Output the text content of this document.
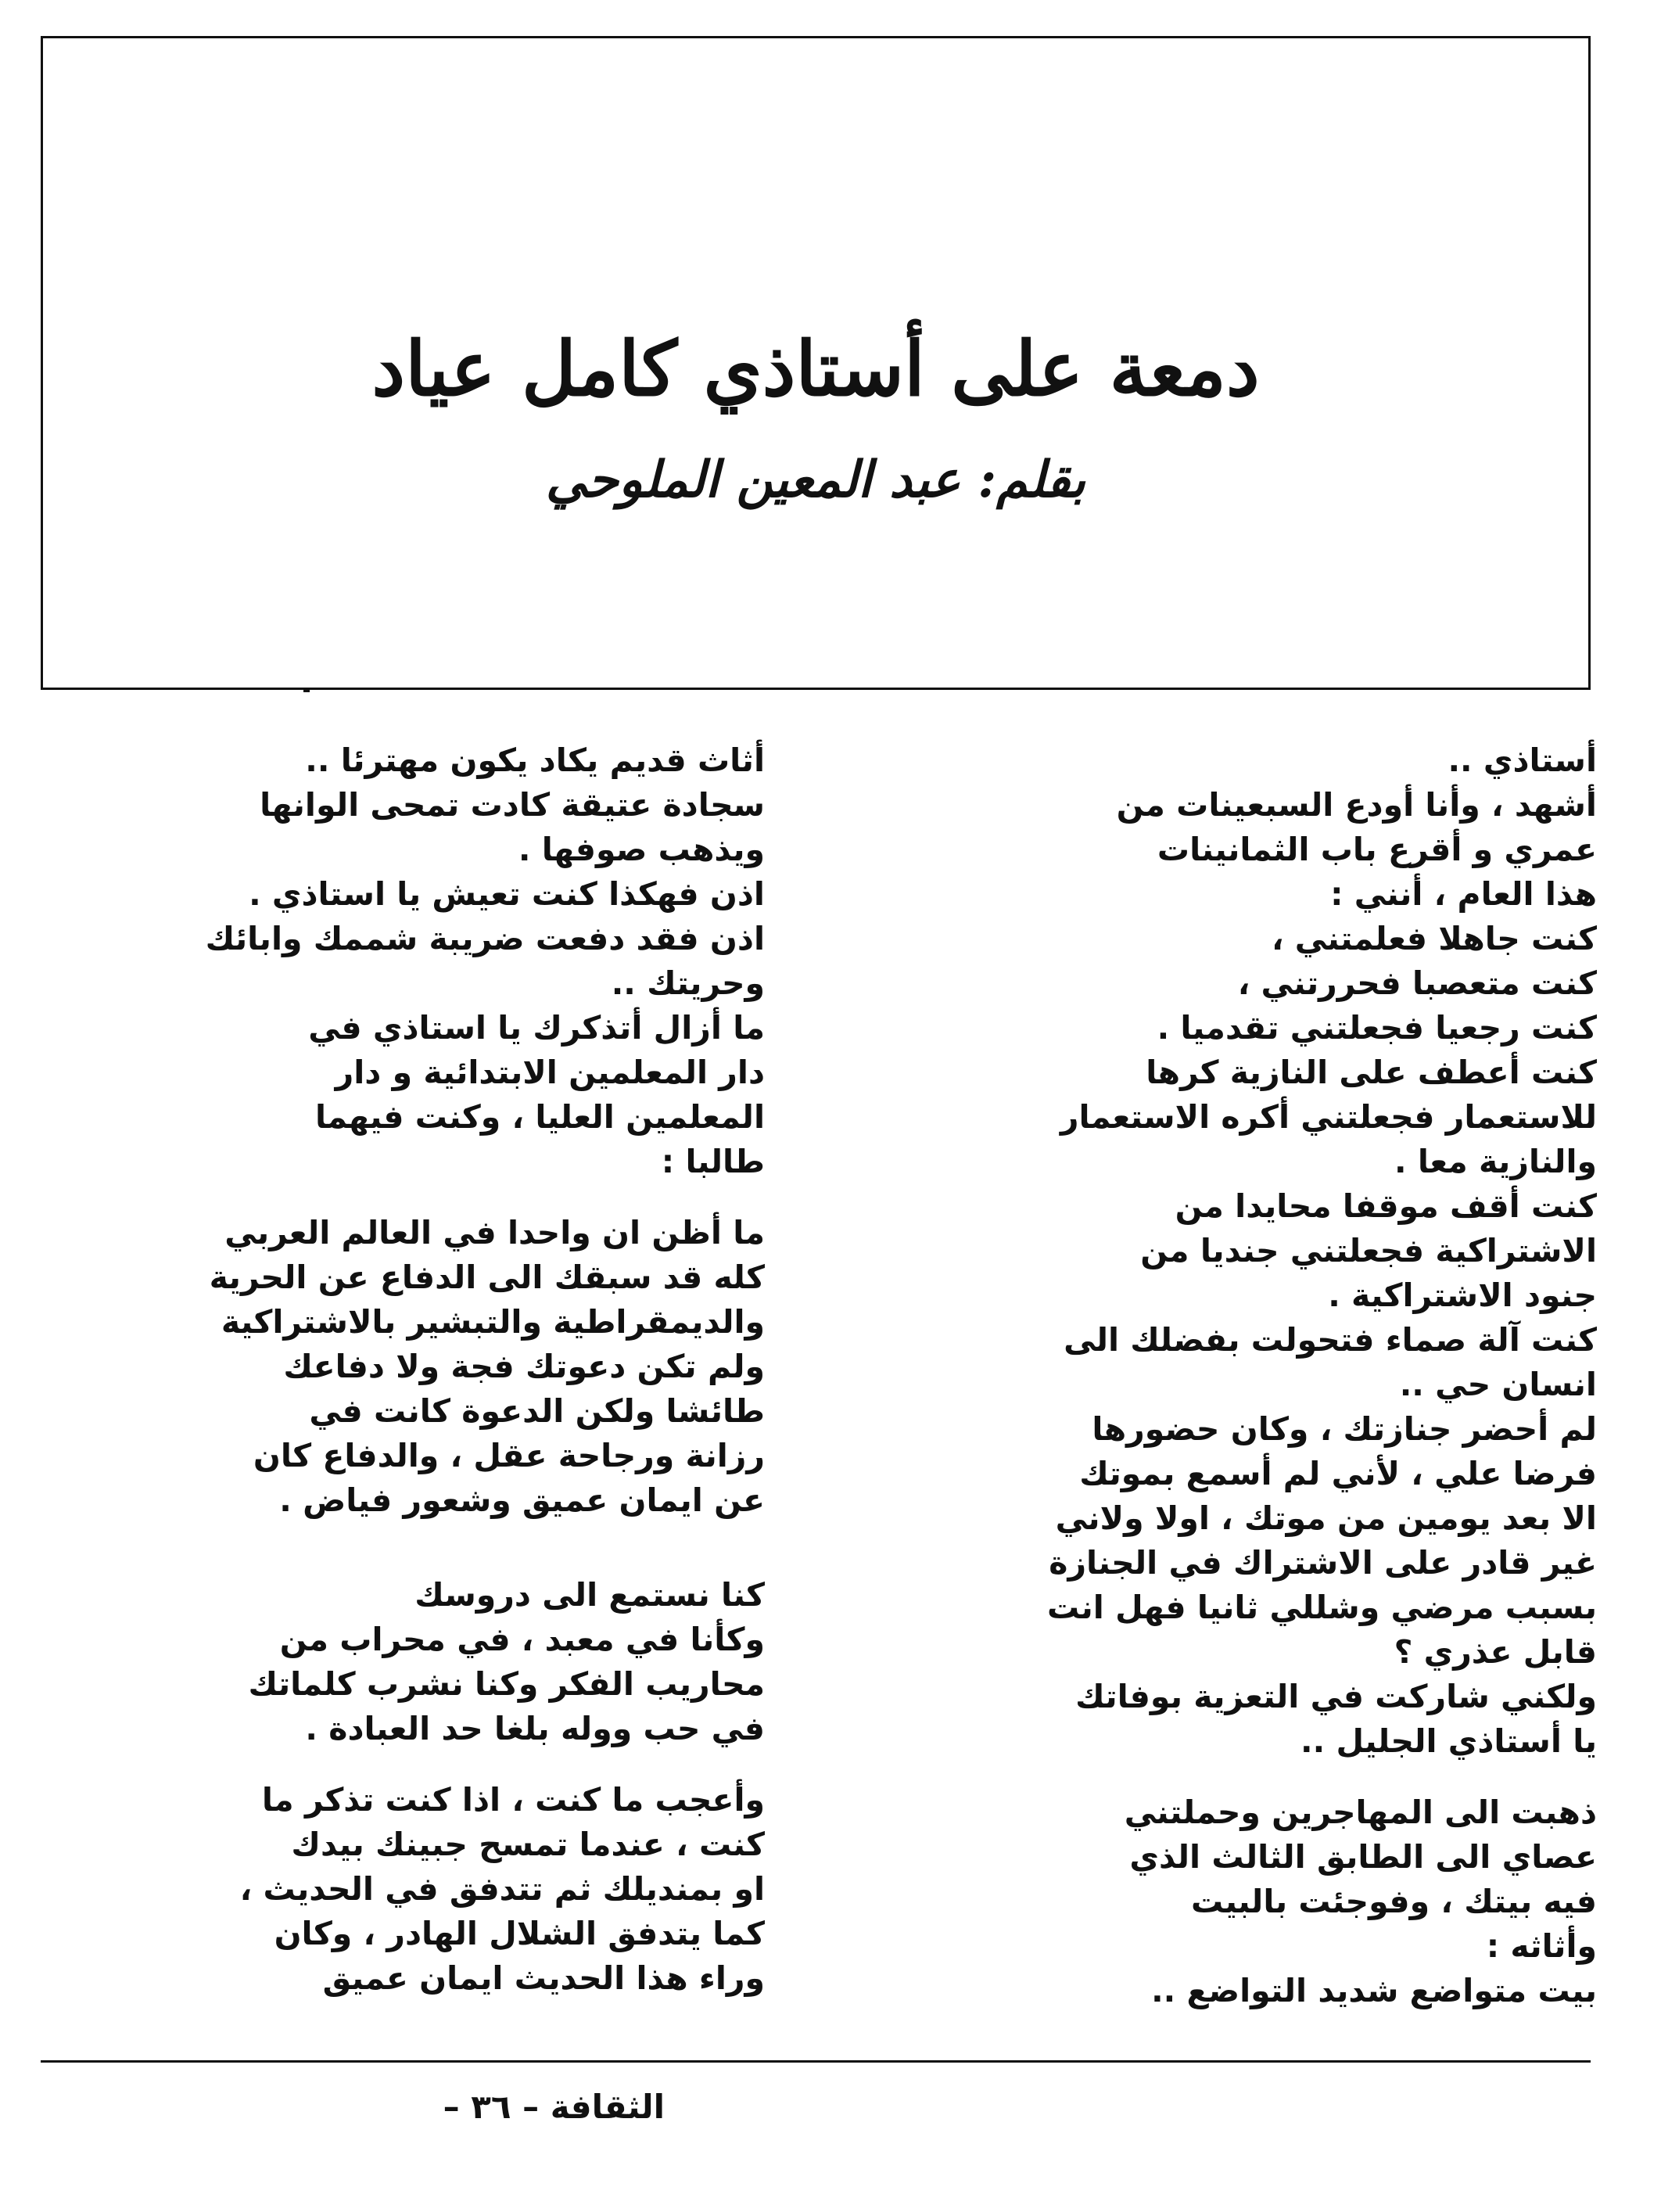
دمعة على أستاذي كامل عياد
بقلم: عبد المعين الملوحي
أستاذي ..
أشهد ، وأنا أودع السبعينات من
عمري و أقرع باب الثمانينات
هذا العام ، أنني :
كنت جاهلا فعلمتني ،
كنت متعصبا فحررتني ،
كنت رجعيا فجعلتني تقدميا .
كنت أعطف على النازية كرها
للاستعمار فجعلتني أكره الاستعمار
والنازية معا .
كنت أقف موقفا محايدا من
الاشتراكية فجعلتني جنديا من
جنود الاشتراكية .
كنت آلة صماء فتحولت بفضلك الى
انسان حي ..
لم أحضر جنازتك ، وكان حضورها
فرضا علي ، لأني لم أسمع بموتك
الا بعد يومين من موتك ، اولا ولاني
غير قادر على الاشتراك في الجنازة
بسبب مرضي وشللي ثانيا فهل انت
قابل عذري ؟
ولكني شاركت في التعزية بوفاتك
يا أستاذي الجليل ..
ذهبت الى المهاجرين وحملتني
عصاي الى الطابق الثالث الذي
فيه بيتك ، وفوجئت بالبيت
وأثاثه :
بيت متواضع شديد التواضع ..
أثاث قديم يكاد يكون مهترئا ..
سجادة عتيقة كادت تمحى الوانها
ويذهب صوفها .
اذن فهكذا كنت تعيش يا استاذي .
اذن فقد دفعت ضريبة شممك وابائك
وحريتك ..
ما أزال أتذكرك يا استاذي في
دار المعلمين الابتدائية و دار
المعلمين العليا ، وكنت فيهما
طالبا :
ما أظن ان واحدا في العالم العربي
كله قد سبقك الى الدفاع عن الحرية
والديمقراطية والتبشير بالاشتراكية
ولم تكن دعوتك فجة ولا دفاعك
طائشا ولكن الدعوة كانت في
رزانة ورجاحة عقل ، والدفاع كان
عن ايمان عميق وشعور فياض .
كنا نستمع الى دروسك
وكأنا في معبد ، في محراب من
محاريب الفكر وكنا نشرب كلماتك
في حب ووله بلغا حد العبادة .
وأعجب ما كنت ، اذا كنت تذكر ما
كنت ، عندما تمسح جبينك بيدك
او بمنديلك ثم تتدفق في الحديث ،
كما يتدفق الشلال الهادر ، وكان
وراء هذا الحديث ايمان عميق
الثقافة – ٣٦ –
